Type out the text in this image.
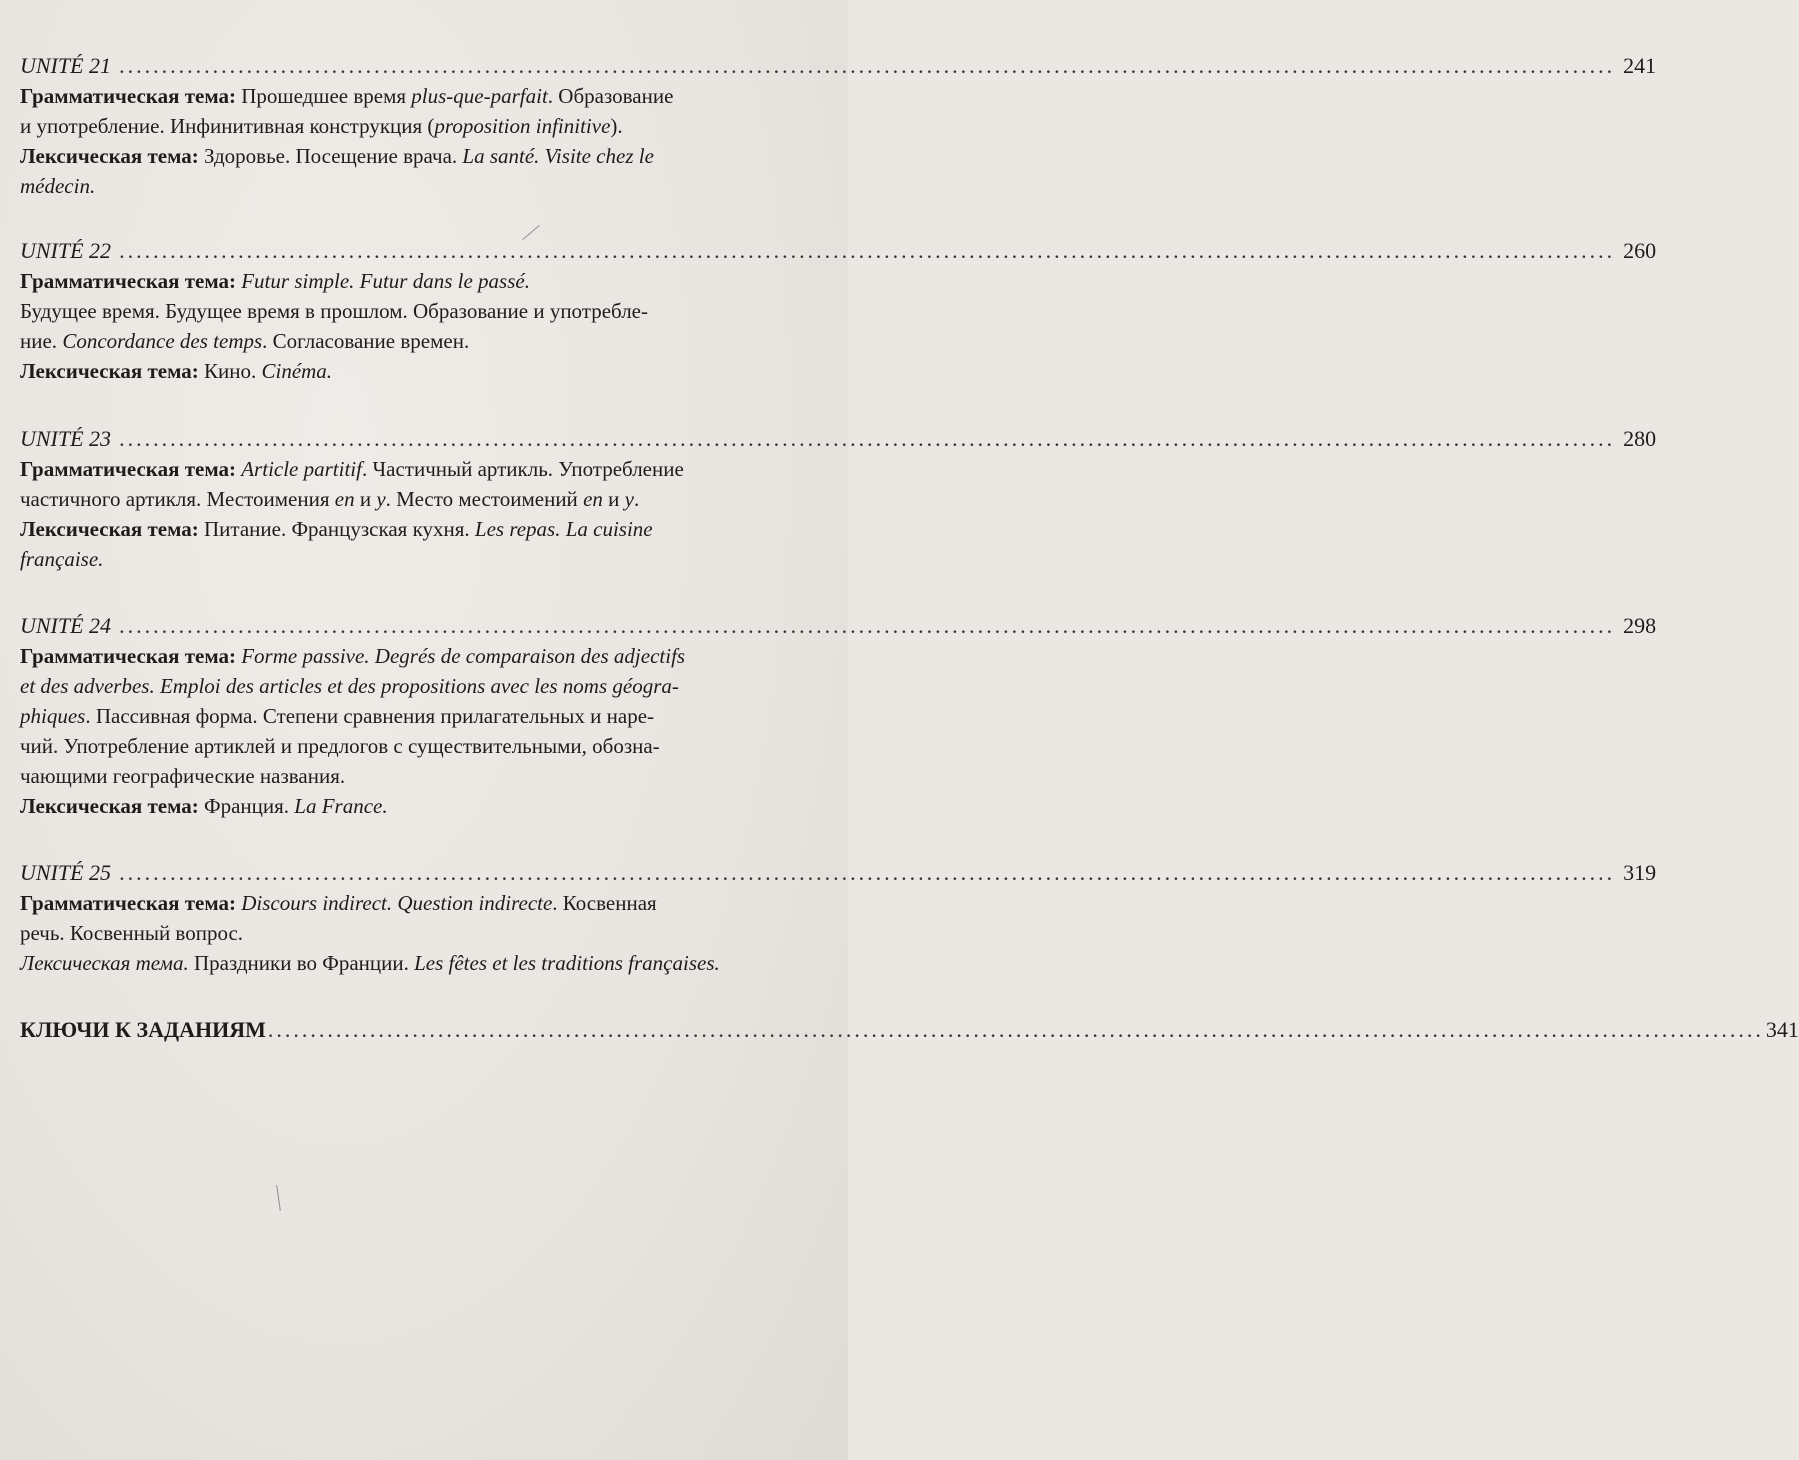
UNITÉ 21 ................................................................................................................................................................................ 241
Грамматическая тема: Прошедшее время plus-que-parfait. Образование
и употребление. Инфинитивная конструкция (proposition infinitive).
Лексическая тема: Здоровье. Посещение врача. La santé. Visite chez le
médecin.
UNITÉ 22 ................................................................................................................................................................................ 260
Грамматическая тема: Futur simple. Futur dans le passé.
Будущее время. Будущее время в прошлом. Образование и употребле-
ние. Concordance des temps. Согласование времен.
Лексическая тема: Кино. Cinéma.
UNITÉ 23 ................................................................................................................................................................................ 280
Грамматическая тема: Article partitif. Частичный артикль. Употребление
частичного артикля. Местоимения en и y. Место местоимений en и y.
Лексическая тема: Питание. Французская кухня. Les repas. La cuisine
française.
UNITÉ 24 ................................................................................................................................................................................ 298
Грамматическая тема: Forme passive. Degrés de comparaison des adjectifs
et des adverbes. Emploi des articles et des propositions avec les noms géogra-
phiques. Пассивная форма. Степени сравнения прилагательных и наре-
чий. Употребление артиклей и предлогов с существительными, обозна-
чающими географические названия.
Лексическая тема: Франция. La France.
UNITÉ 25 ................................................................................................................................................................................ 319
Грамматическая тема: Discours indirect. Question indirecte. Косвенная
речь. Косвенный вопрос.
Лексическая тема. Праздники во Франции. Les fêtes et les traditions françaises.
КЛЮЧИ К ЗАДАНИЯМ ................................................................................................................................................................................ 341
